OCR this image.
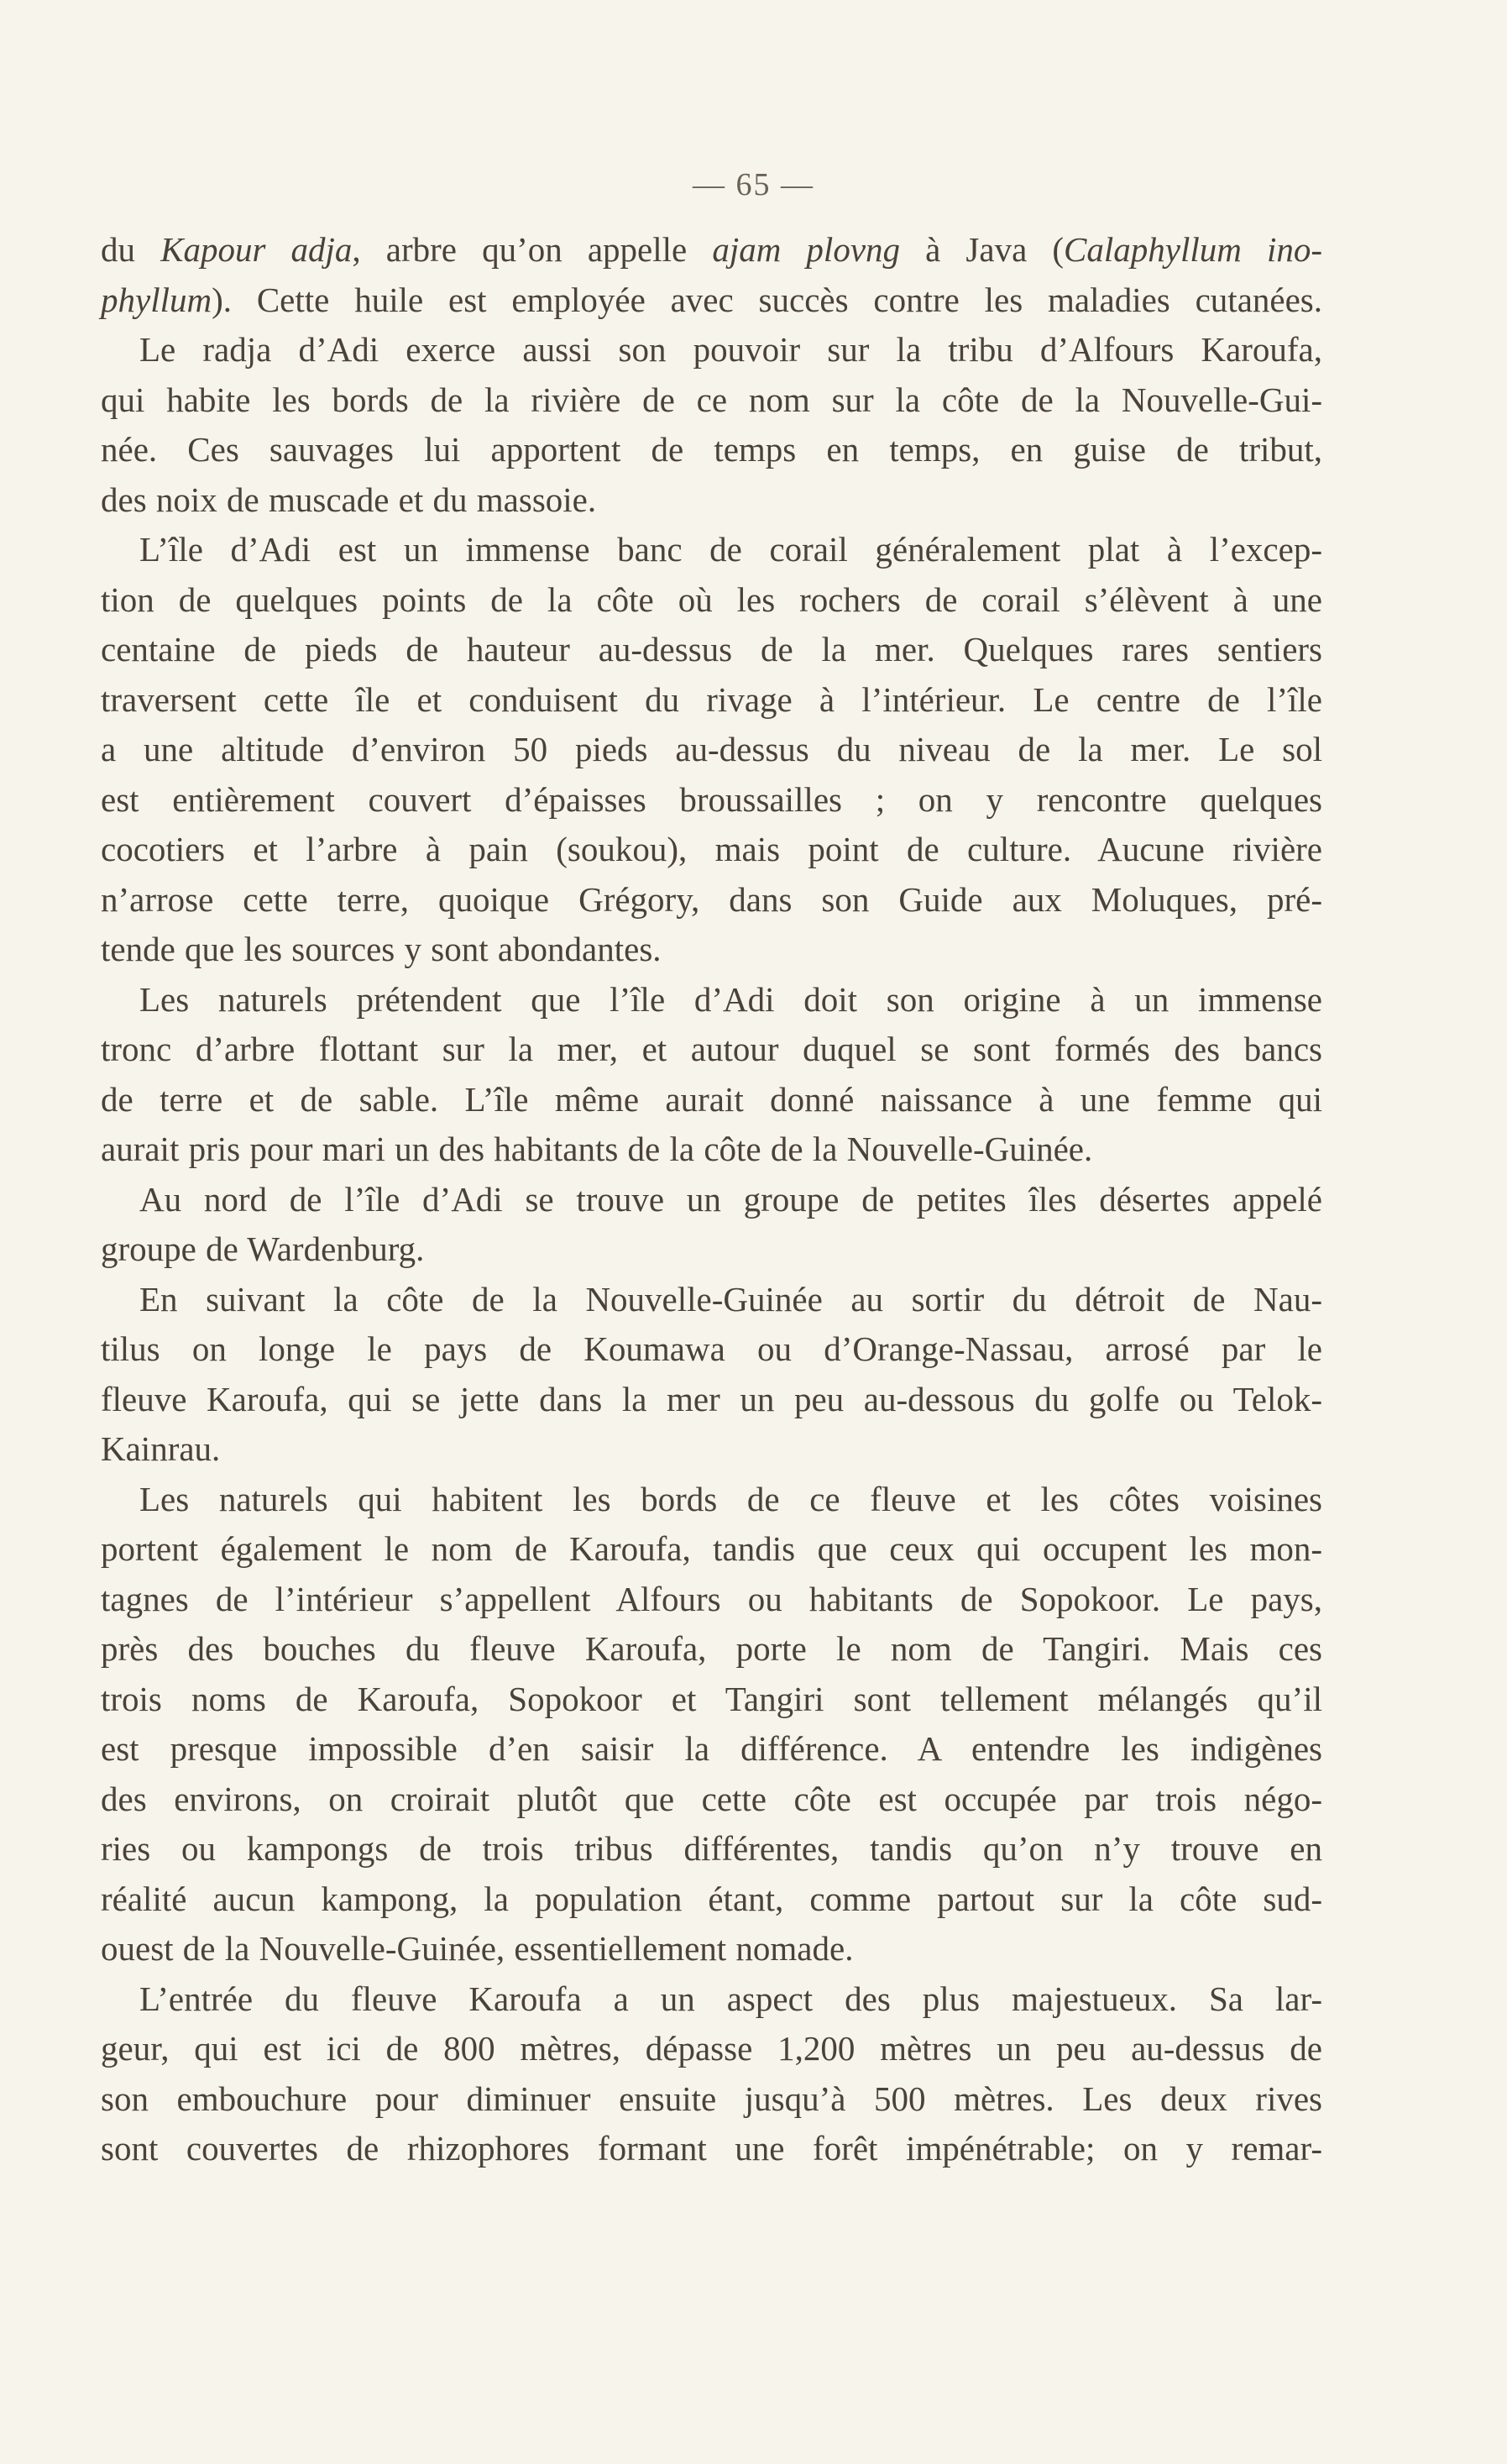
— 65 —
du Kapour adja, arbre qu’on appelle ajam plovng à Java (Calaphyllum ino-
phyllum). Cette huile est employée avec succès contre les maladies cutanées.
Le radja d’Adi exerce aussi son pouvoir sur la tribu d’Alfours Karoufa,
qui habite les bords de la rivière de ce nom sur la côte de la Nouvelle-Gui-
née. Ces sauvages lui apportent de temps en temps, en guise de tribut,
des noix de muscade et du massoie.
L’île d’Adi est un immense banc de corail généralement plat à l’excep-
tion de quelques points de la côte où les rochers de corail s’élèvent à une
centaine de pieds de hauteur au-dessus de la mer. Quelques rares sentiers
traversent cette île et conduisent du rivage à l’intérieur. Le centre de l’île
a une altitude d’environ 50 pieds au-dessus du niveau de la mer. Le sol
est entièrement couvert d’épaisses broussailles ; on y rencontre quelques
cocotiers et l’arbre à pain (soukou), mais point de culture. Aucune rivière
n’arrose cette terre, quoique Grégory, dans son Guide aux Moluques, pré-
tende que les sources y sont abondantes.
Les naturels prétendent que l’île d’Adi doit son origine à un immense
tronc d’arbre flottant sur la mer, et autour duquel se sont formés des bancs
de terre et de sable. L’île même aurait donné naissance à une femme qui
aurait pris pour mari un des habitants de la côte de la Nouvelle-Guinée.
Au nord de l’île d’Adi se trouve un groupe de petites îles désertes appelé
groupe de Wardenburg.
En suivant la côte de la Nouvelle-Guinée au sortir du détroit de Nau-
tilus on longe le pays de Koumawa ou d’Orange-Nassau, arrosé par le
fleuve Karoufa, qui se jette dans la mer un peu au-dessous du golfe ou Telok-
Kainrau.
Les naturels qui habitent les bords de ce fleuve et les côtes voisines
portent également le nom de Karoufa, tandis que ceux qui occupent les mon-
tagnes de l’intérieur s’appellent Alfours ou habitants de Sopokoor. Le pays,
près des bouches du fleuve Karoufa, porte le nom de Tangiri. Mais ces
trois noms de Karoufa, Sopokoor et Tangiri sont tellement mélangés qu’il
est presque impossible d’en saisir la différence. A entendre les indigènes
des environs, on croirait plutôt que cette côte est occupée par trois négo-
ries ou kampongs de trois tribus différentes, tandis qu’on n’y trouve en
réalité aucun kampong, la population étant, comme partout sur la côte sud-
ouest de la Nouvelle-Guinée, essentiellement nomade.
L’entrée du fleuve Karoufa a un aspect des plus majestueux. Sa lar-
geur, qui est ici de 800 mètres, dépasse 1,200 mètres un peu au-dessus de
son embouchure pour diminuer ensuite jusqu’à 500 mètres. Les deux rives
sont couvertes de rhizophores formant une forêt impénétrable; on y remar-
